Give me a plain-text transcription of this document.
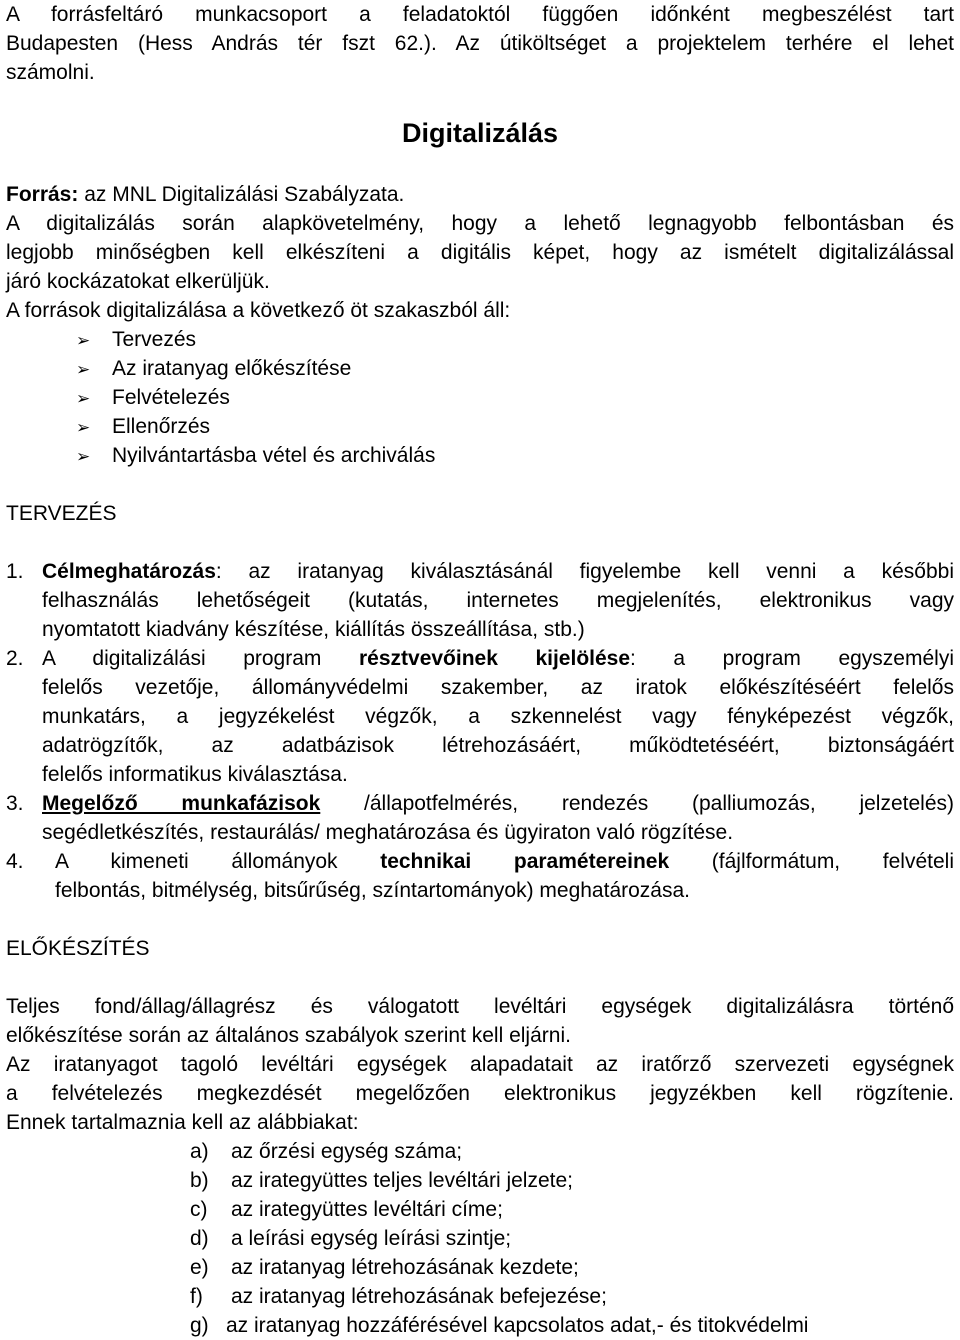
A forrásfeltáró munkacsoport a feladatoktól függően időnként megbeszélést tart
Budapesten (Hess András tér fszt 62.). Az útiköltséget a projektelem terhére el lehet
számolni.
Digitalizálás
Forrás: az MNL Digitalizálási Szabályzata.
A digitalizálás során alapkövetelmény, hogy a lehető legnagyobb felbontásban és
legjobb minőségben kell elkészíteni a digitális képet, hogy az ismételt digitalizálással
járó kockázatokat elkerüljük.
A források digitalizálása a következő öt szakaszból áll:
➢ Tervezés
➢ Az iratanyag előkészítése
➢ Felvételezés
➢ Ellenőrzés
➢ Nyilvántartásba vétel és archiválás
TERVEZÉS
1. Célmeghatározás: az iratanyag kiválasztásánál figyelembe kell venni a későbbi
felhasználás lehetőségeit (kutatás, internetes megjelenítés, elektronikus vagy
nyomtatott kiadvány készítése, kiállítás összeállítása, stb.)
2. A digitalizálási program résztvevőinek kijelölése: a program egyszemélyi
felelős vezetője, állományvédelmi szakember, az iratok előkészítéséért felelős
munkatárs, a jegyzékelést végzők, a szkennelést vagy fényképezést végzők,
adatrögzítők, az adatbázisok létrehozásáért, működtetéséért, biztonságáért
felelős informatikus kiválasztása.
3. Megelőző munkafázisok /állapotfelmérés, rendezés (palliumozás, jelzetelés)
segédletkészítés, restaurálás/ meghatározása és ügyiraton való rögzítése.
4. A kimeneti állományok technikai paramétereinek (fájlformátum, felvételi
felbontás, bitmélység, bitsűrűség, színtartományok) meghatározása.
ELŐKÉSZÍTÉS
Teljes fond/állag/állagrész és válogatott levéltári egységek digitalizálásra történő
előkészítése során az általános szabályok szerint kell eljárni.
Az iratanyagot tagoló levéltári egységek alapadatait az iratőrző szervezeti egységnek
a felvételezés megkezdését megelőzően elektronikus jegyzékben kell rögzítenie.
Ennek tartalmaznia kell az alábbiakat:
a) az őrzési egység száma;
b) az irategyüttes teljes levéltári jelzete;
c) az irategyüttes levéltári címe;
d) a leírási egység leírási szintje;
e) az iratanyag létrehozásának kezdete;
f) az iratanyag létrehozásának befejezése;
g) az iratanyag hozzáférésével kapcsolatos adat,- és titokvédelmi
